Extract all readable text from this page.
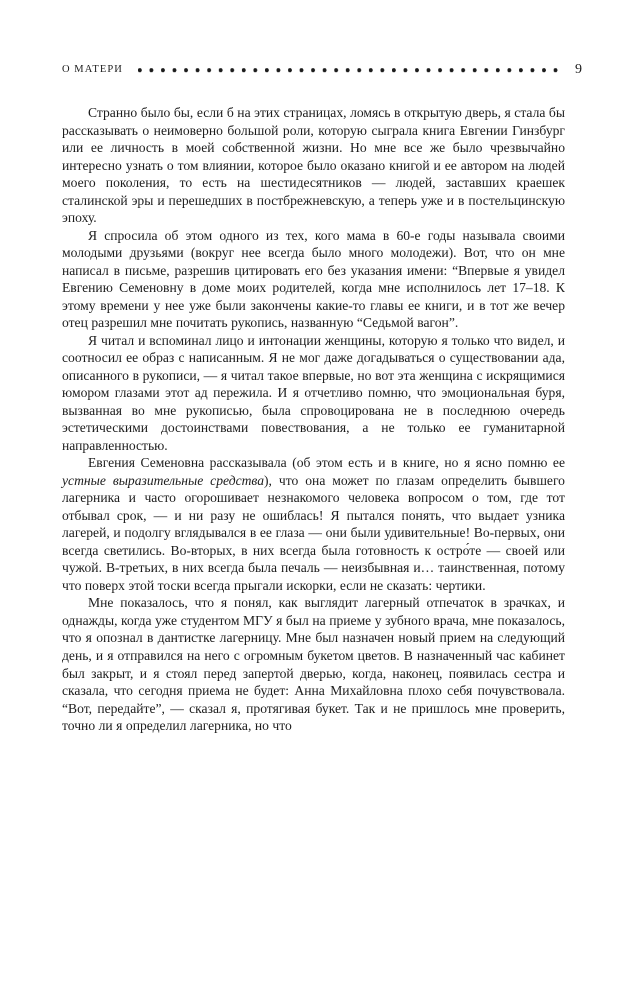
О МАТЕРИ	9

Странно было бы, если б на этих страницах, ломясь в открытую дверь, я стала бы рассказывать о неимоверно большой роли, которую сыграла книга Евгении Гинзбург или ее личность в моей собственной жизни. Но мне все же было чрезвычайно интересно узнать о том влиянии, которое было оказано книгой и ее автором на людей моего поколения, то есть на шестидесятников — людей, заставших краешек сталинской эры и перешедших в постбрежневскую, а теперь уже и в постельцинскую эпоху.

Я спросила об этом одного из тех, кого мама в 60-е годы называла своими молодыми друзьями (вокруг нее всегда было много молодежи). Вот, что он мне написал в письме, разрешив цитировать его без указания имени: “Впервые я увидел Евгению Семеновну в доме моих родителей, когда мне исполнилось лет 17–18. К этому времени у нее уже были закончены какие-то главы ее книги, и в тот же вечер отец разрешил мне почитать рукопись, названную “Седьмой вагон”.

Я читал и вспоминал лицо и интонации женщины, которую я только что видел, и соотносил ее образ с написанным. Я не мог даже догадываться о существовании ада, описанного в рукописи, — я читал такое впервые, но вот эта женщина с искрящимися юмором глазами этот ад пережила. И я отчетливо помню, что эмоциональная буря, вызванная во мне рукописью, была спровоцирована не в последнюю очередь эстетическими достоинствами повествования, а не только ее гуманитарной направленностью.

Евгения Семеновна рассказывала (об этом есть и в книге, но я ясно помню ее устные выразительные средства), что она может по глазам определить бывшего лагерника и часто огорошивает незнакомого человека вопросом о том, где тот отбывал срок, — и ни разу не ошиблась! Я пытался понять, что выдает узника лагерей, и подолгу вглядывался в ее глаза — они были удивительные! Во-первых, они всегда светились. Во-вторых, в них всегда была готовность к остро́те — своей или чужой. В-третьих, в них всегда была печаль — неизбывная и… таинственная, потому что поверх этой тоски всегда прыгали искорки, если не сказать: чертики.

Мне показалось, что я понял, как выглядит лагерный отпечаток в зрачках, и однажды, когда уже студентом МГУ я был на приеме у зубного врача, мне показалось, что я опознал в дантистке лагерницу. Мне был назначен новый прием на следующий день, и я отправился на него с огромным букетом цветов. В назначенный час кабинет был закрыт, и я стоял перед запертой дверью, когда, наконец, появилась сестра и сказала, что сегодня приема не будет: Анна Михайловна плохо себя почувствовала. “Вот, передайте”, — сказал я, протягивая букет. Так и не пришлось мне проверить, точно ли я определил лагерника, но что
